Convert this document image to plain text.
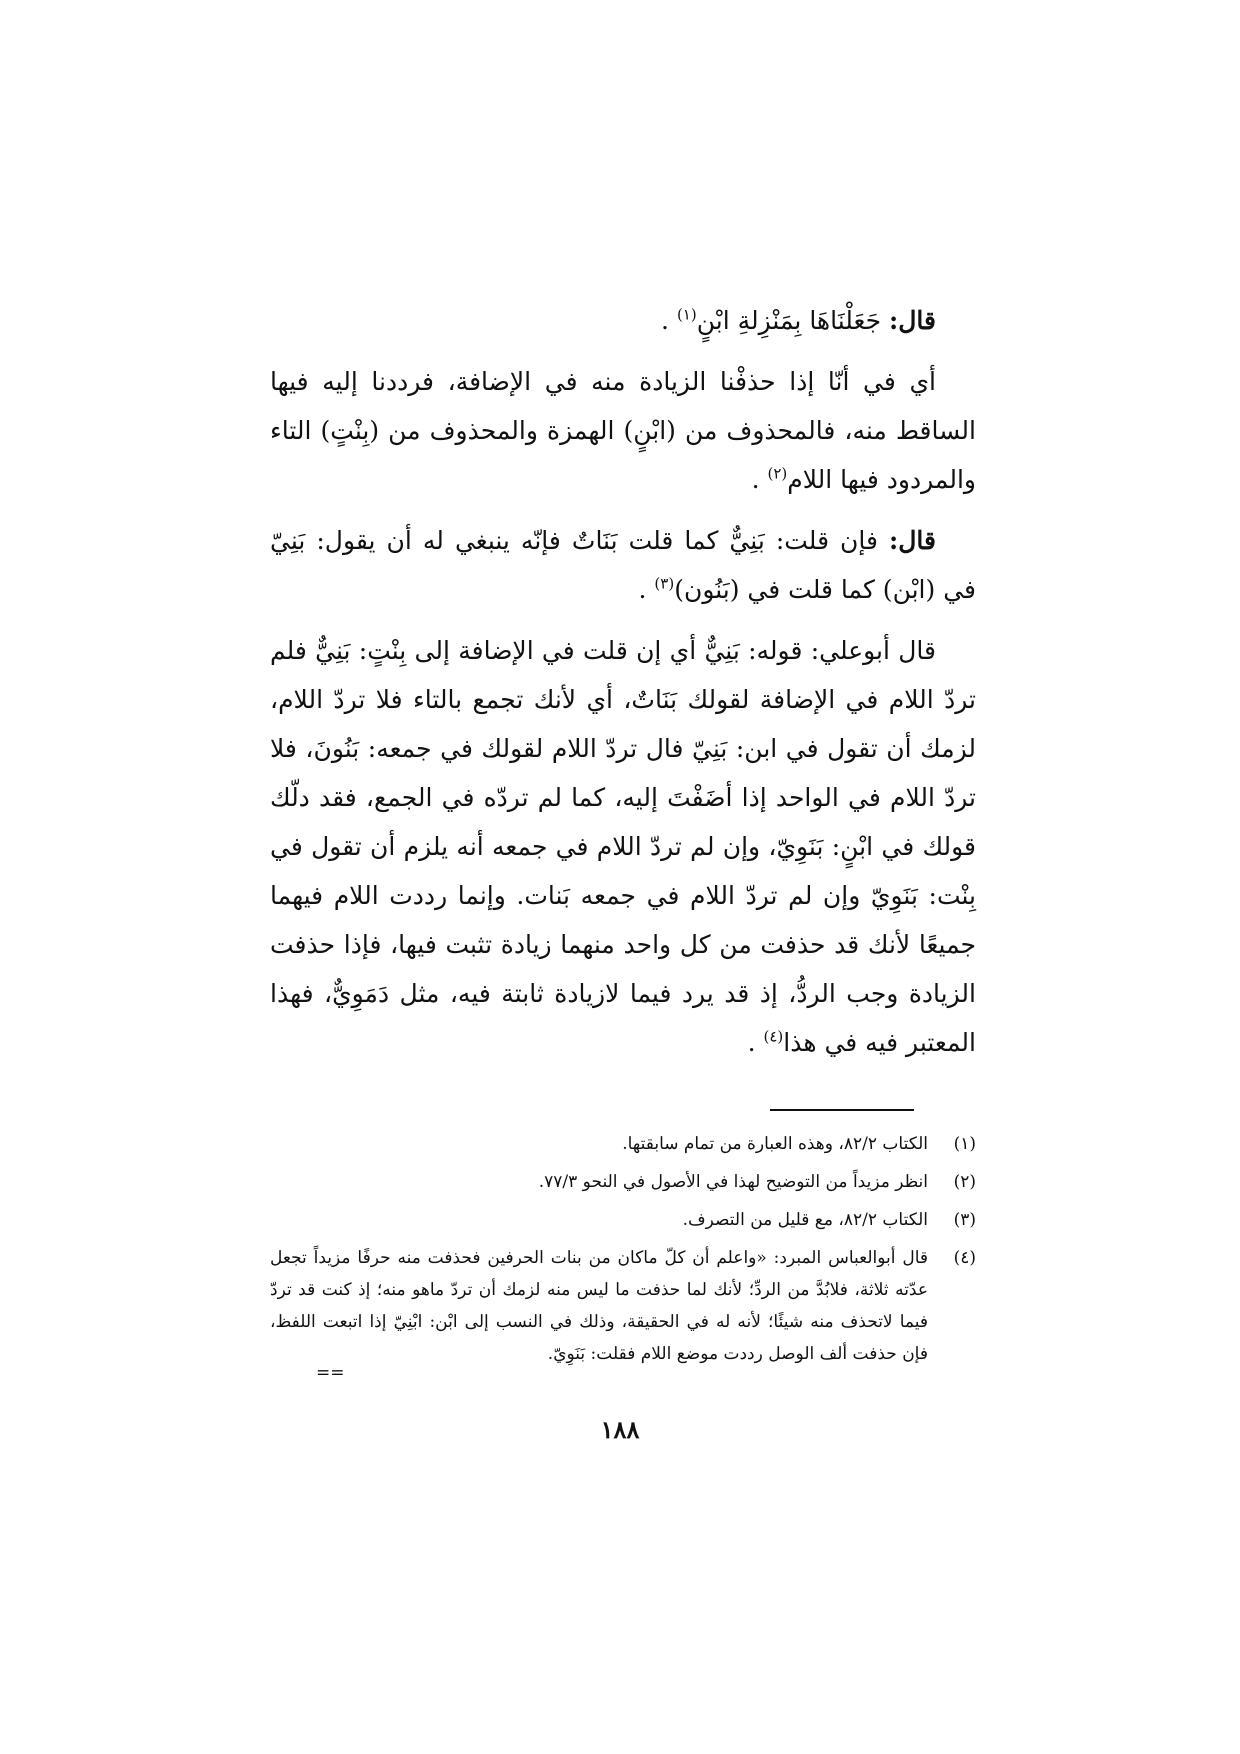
قال: جَعَلْنَاهَا بِمَنْزِلةِ ابْنٍ$^{(١)}$ .

أي في أنّا إذا حذفْنا الزيادة منه في الإضافة، فرددنا إليه فيها الساقط منه، فالمحذوف من (ابْنٍ) الهمزة والمحذوف من (بِنْتٍ) التاء والمردود فيها اللام$^{(٢)}$ .

قال: فإن قلت: بَنِيٌّ كما قلت بَنَاتٌ فإنّه ينبغي له أن يقول: بَنِيّ في (ابْن) كما قلت في (بَنُون)$^{(٣)}$ .

قال أبوعلي: قوله: بَنِيٌّ أي إن قلت في الإضافة إلى بِنْتٍ: بَنِيٌّ فلم تردّ اللام في الإضافة لقولك بَنَاتٌ، أي لأنك تجمع بالتاء فلا تردّ اللام، لزمك أن تقول في ابن: بَنِيّ فال تردّ اللام لقولك في جمعه: بَنُونَ، فلا تردّ اللام في الواحد إذا أضَفْتَ إليه، كما لم تردّه في الجمع، فقد دلّك قولك في ابْنٍ: بَنَوِيّ، وإن لم تردّ اللام في جمعه أنه يلزم أن تقول في بِنْت: بَنَوِيّ وإن لم تردّ اللام في جمعه بَنات. وإنما رددت اللام فيهما جميعًا لأنك قد حذفت من كل واحد منهما زيادة تثبت فيها، فإذا حذفت الزيادة وجب الردُّ، إذ قد يرد فيما لازيادة ثابتة فيه، مثل دَمَوِيٌّ، فهذا المعتبر فيه في هذا$^{(٤)}$ .

(١)
الكتاب ٨٢/٢، وهذه العبارة من تمام سابقتها.
(٢)
انظر مزيداً من التوضيح لهذا في الأصول في النحو ٧٧/٣.
(٣)
الكتاب ٨٢/٢، مع قليل من التصرف.
(٤)
قال أبوالعباس المبرد: «واعلم أن كلّ ماكان من بنات الحرفين فحذفت منه حرفًا مزيداً تجعل عدّته ثلاثة، فلابُدَّ من الردِّ؛ لأنك لما حذفت ما ليس منه لزمك أن تردّ ماهو منه؛ إذ كنت قد تردّ فيما لاتحذف منه شيئًا؛ لأنه له في الحقيقة، وذلك في النسب إلى ابْن: ابْنِيّ إذا اتبعت اللفظ، فإن حذفت ألف الوصل رددت موضع اللام فقلت: بَنَوِيّ.
==
١٨٨
